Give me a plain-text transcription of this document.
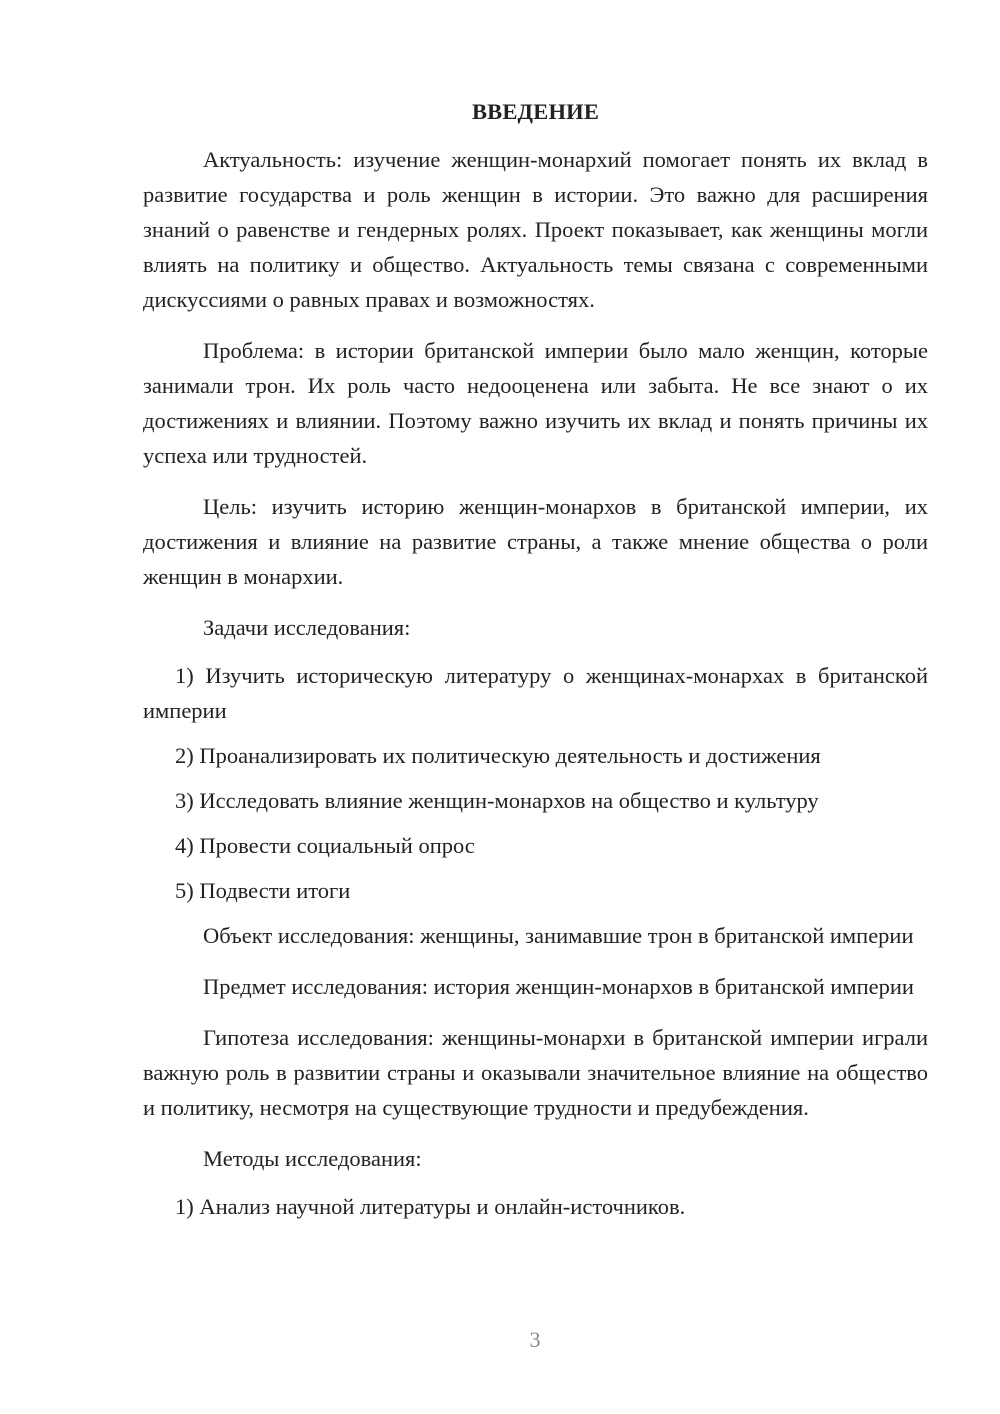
ВВЕДЕНИЕ

Актуальность: изучение женщин-монархий помогает понять их вклад в развитие государства и роль женщин в истории. Это важно для расширения знаний о равенстве и гендерных ролях. Проект показывает, как женщины могли влиять на политику и общество. Актуальность темы связана с современными дискуссиями о равных правах и возможностях.

Проблема: в истории британской империи было мало женщин, которые занимали трон. Их роль часто недооценена или забыта. Не все знают о их достижениях и влиянии. Поэтому важно изучить их вклад и понять причины их успеха или трудностей.

Цель: изучить историю женщин-монархов в британской империи, их достижения и влияние на развитие страны, а также мнение общества о роли женщин в монархии.

Задачи исследования:

1) Изучить историческую литературу о женщинах-монархах в британской империи

2) Проанализировать их политическую деятельность и достижения

3) Исследовать влияние женщин-монархов на общество и культуру

4) Провести социальный опрос

5) Подвести итоги

Объект исследования: женщины, занимавшие трон в британской империи

Предмет исследования: история женщин-монархов в британской империи

Гипотеза исследования: женщины-монархи в британской империи играли важную роль в развитии страны и оказывали значительное влияние на общество и политику, несмотря на существующие трудности и предубеждения.

Методы исследования:

1) Анализ научной литературы и онлайн-источников.

3
